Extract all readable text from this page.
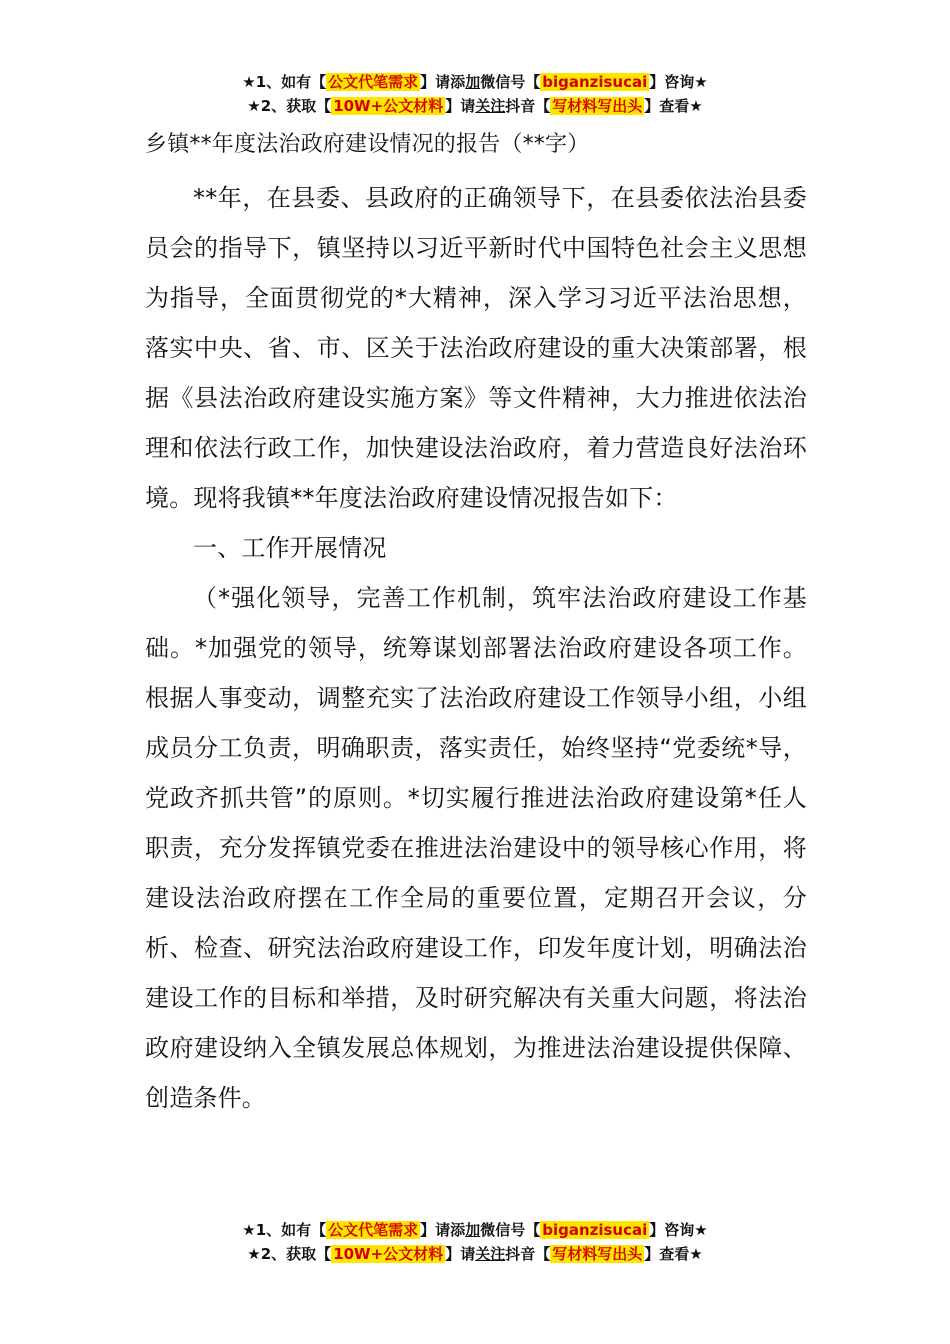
★1、如有【 公文代笔需求 】请添加微信号【 biganzisucai 】咨询★
★2、获取【 10W+公文材料 】请关注抖音【 写材料写出头 】查看★
乡镇**年度法治政府建设情况的报告（**字）

**年，在县委、县政府的正确领导下，在县委依法治县委员会的指导下，镇坚持以习近平新时代中国特色社会主义思想为指导，全面贯彻党的*大精神，深入学习习近平法治思想，落实中央、省、市、区关于法治政府建设的重大决策部署，根据《县法治政府建设实施方案》等文件精神，大力推进依法治理和依法行政工作，加快建设法治政府，着力营造良好法治环境。现将我镇**年度法治政府建设情况报告如下：

一、工作开展情况

（*强化领导，完善工作机制，筑牢法治政府建设工作基础。*加强党的领导，统筹谋划部署法治政府建设各项工作。根据人事变动，调整充实了法治政府建设工作领导小组，小组成员分工负责，明确职责，落实责任，始终坚持“党委统*导，党政齐抓共管”的原则。*切实履行推进法治政府建设第*任人职责，充分发挥镇党委在推进法治建设中的领导核心作用，将建设法治政府摆在工作全局的重要位置，定期召开会议，分析、检查、研究法治政府建设工作，印发年度计划，明确法治建设工作的目标和举措，及时研究解决有关重大问题，将法治政府建设纳入全镇发展总体规划，为推进法治建设提供保障、创造条件。

★1、如有【 公文代笔需求 】请添加微信号【 biganzisucai 】咨询★
★2、获取【 10W+公文材料 】请关注抖音【 写材料写出头 】查看★
